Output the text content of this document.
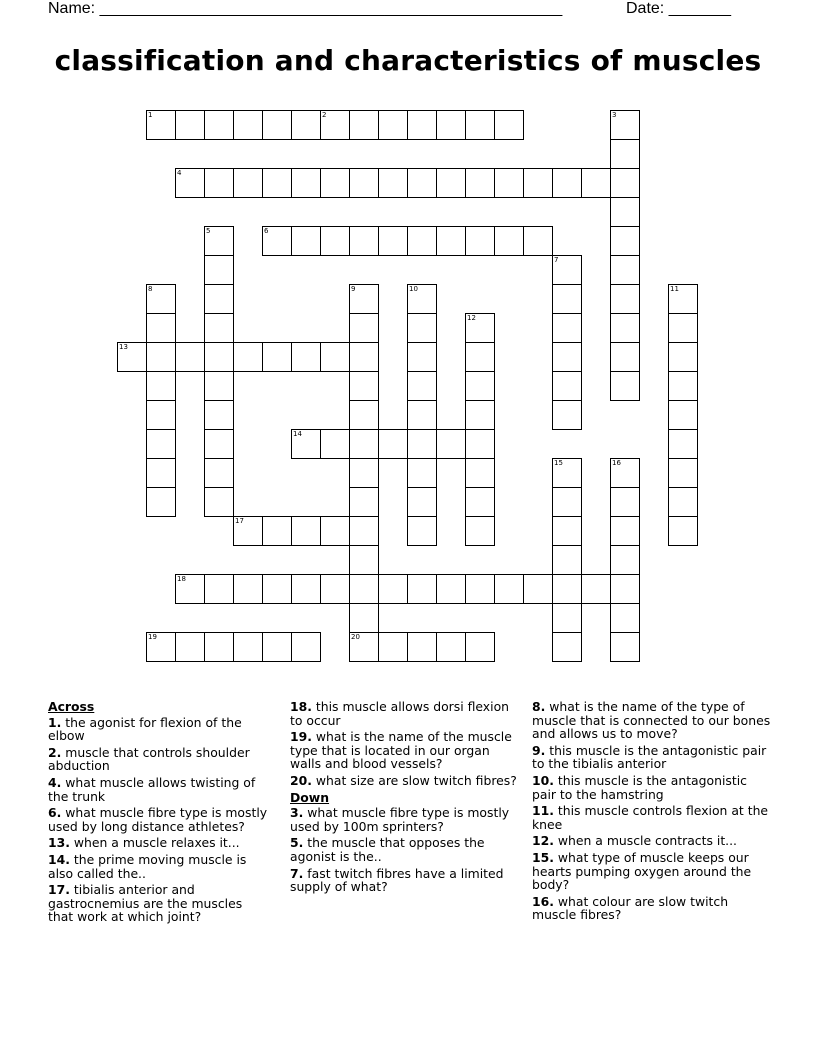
Name: ____________________________________________________	Date: _______
classification and characteristics of muscles
1	2
4
6
13
14
17
18
19	20
3
5
7
8	9	10	11
12
15	16
Across
1. the agonist for flexion of the elbow
2. muscle that controls shoulder abduction
4. what muscle allows twisting of the trunk
6. what muscle fibre type is mostly used by long distance athletes?
13. when a muscle relaxes it...
14. the prime moving muscle is also called the..
17. tibialis anterior and gastrocnemius are the muscles that work at which joint?
18. this muscle allows dorsi flexion to occur
19. what is the name of the muscle type that is located in our organ walls and blood vessels?
20. what size are slow twitch fibres?
Down
3. what muscle fibre type is mostly used by 100m sprinters?
5. the muscle that opposes the agonist is the..
7. fast twitch fibres have a limited supply of what?
8. what is the name of the type of muscle that is connected to our bones and allows us to move?
9. this muscle is the antagonistic pair to the tibialis anterior
10. this muscle is the antagonistic pair to the hamstring
11. this muscle controls flexion at the knee
12. when a muscle contracts it...
15. what type of muscle keeps our hearts pumping oxygen around the body?
16. what colour are slow twitch muscle fibres?
